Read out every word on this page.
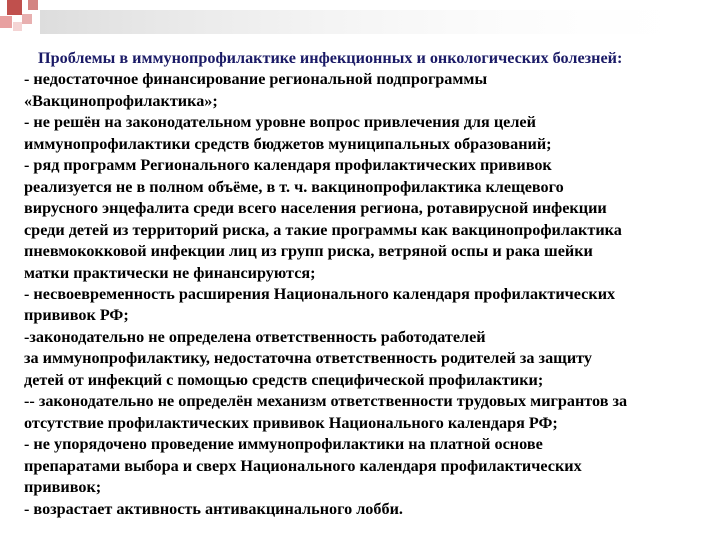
Проблемы в иммунопрофилактике инфекционных и онкологических болезней:
- недостаточное финансирование региональной подпрограммы
«Вакцинопрофилактика»;
- не решён на законодательном уровне вопрос привлечения для целей
иммунопрофилактики средств бюджетов муниципальных образований;
- ряд программ Регионального календаря профилактических прививок
реализуется не в полном объёме, в т. ч. вакцинопрофилактика клещевого
вирусного энцефалита среди всего населения региона, ротавирусной инфекции
среди детей из территорий риска, а такие программы как вакцинопрофилактика
пневмококковой инфекции лиц из групп риска, ветряной оспы и рака шейки
матки практически не финансируются;
- несвоевременность расширения Национального календаря профилактических
прививок РФ;
-законодательно не определена ответственность работодателей
за иммунопрофилактику, недостаточна ответственность родителей за защиту
детей от инфекций с помощью средств специфической профилактики;
-- законодательно не определён механизм ответственности трудовых мигрантов за
отсутствие профилактических прививок Национального календаря РФ;
- не упорядочено проведение иммунопрофилактики на платной основе
препаратами выбора и сверх Национального календаря профилактических
прививок;
- возрастает активность антивакцинального лобби.
